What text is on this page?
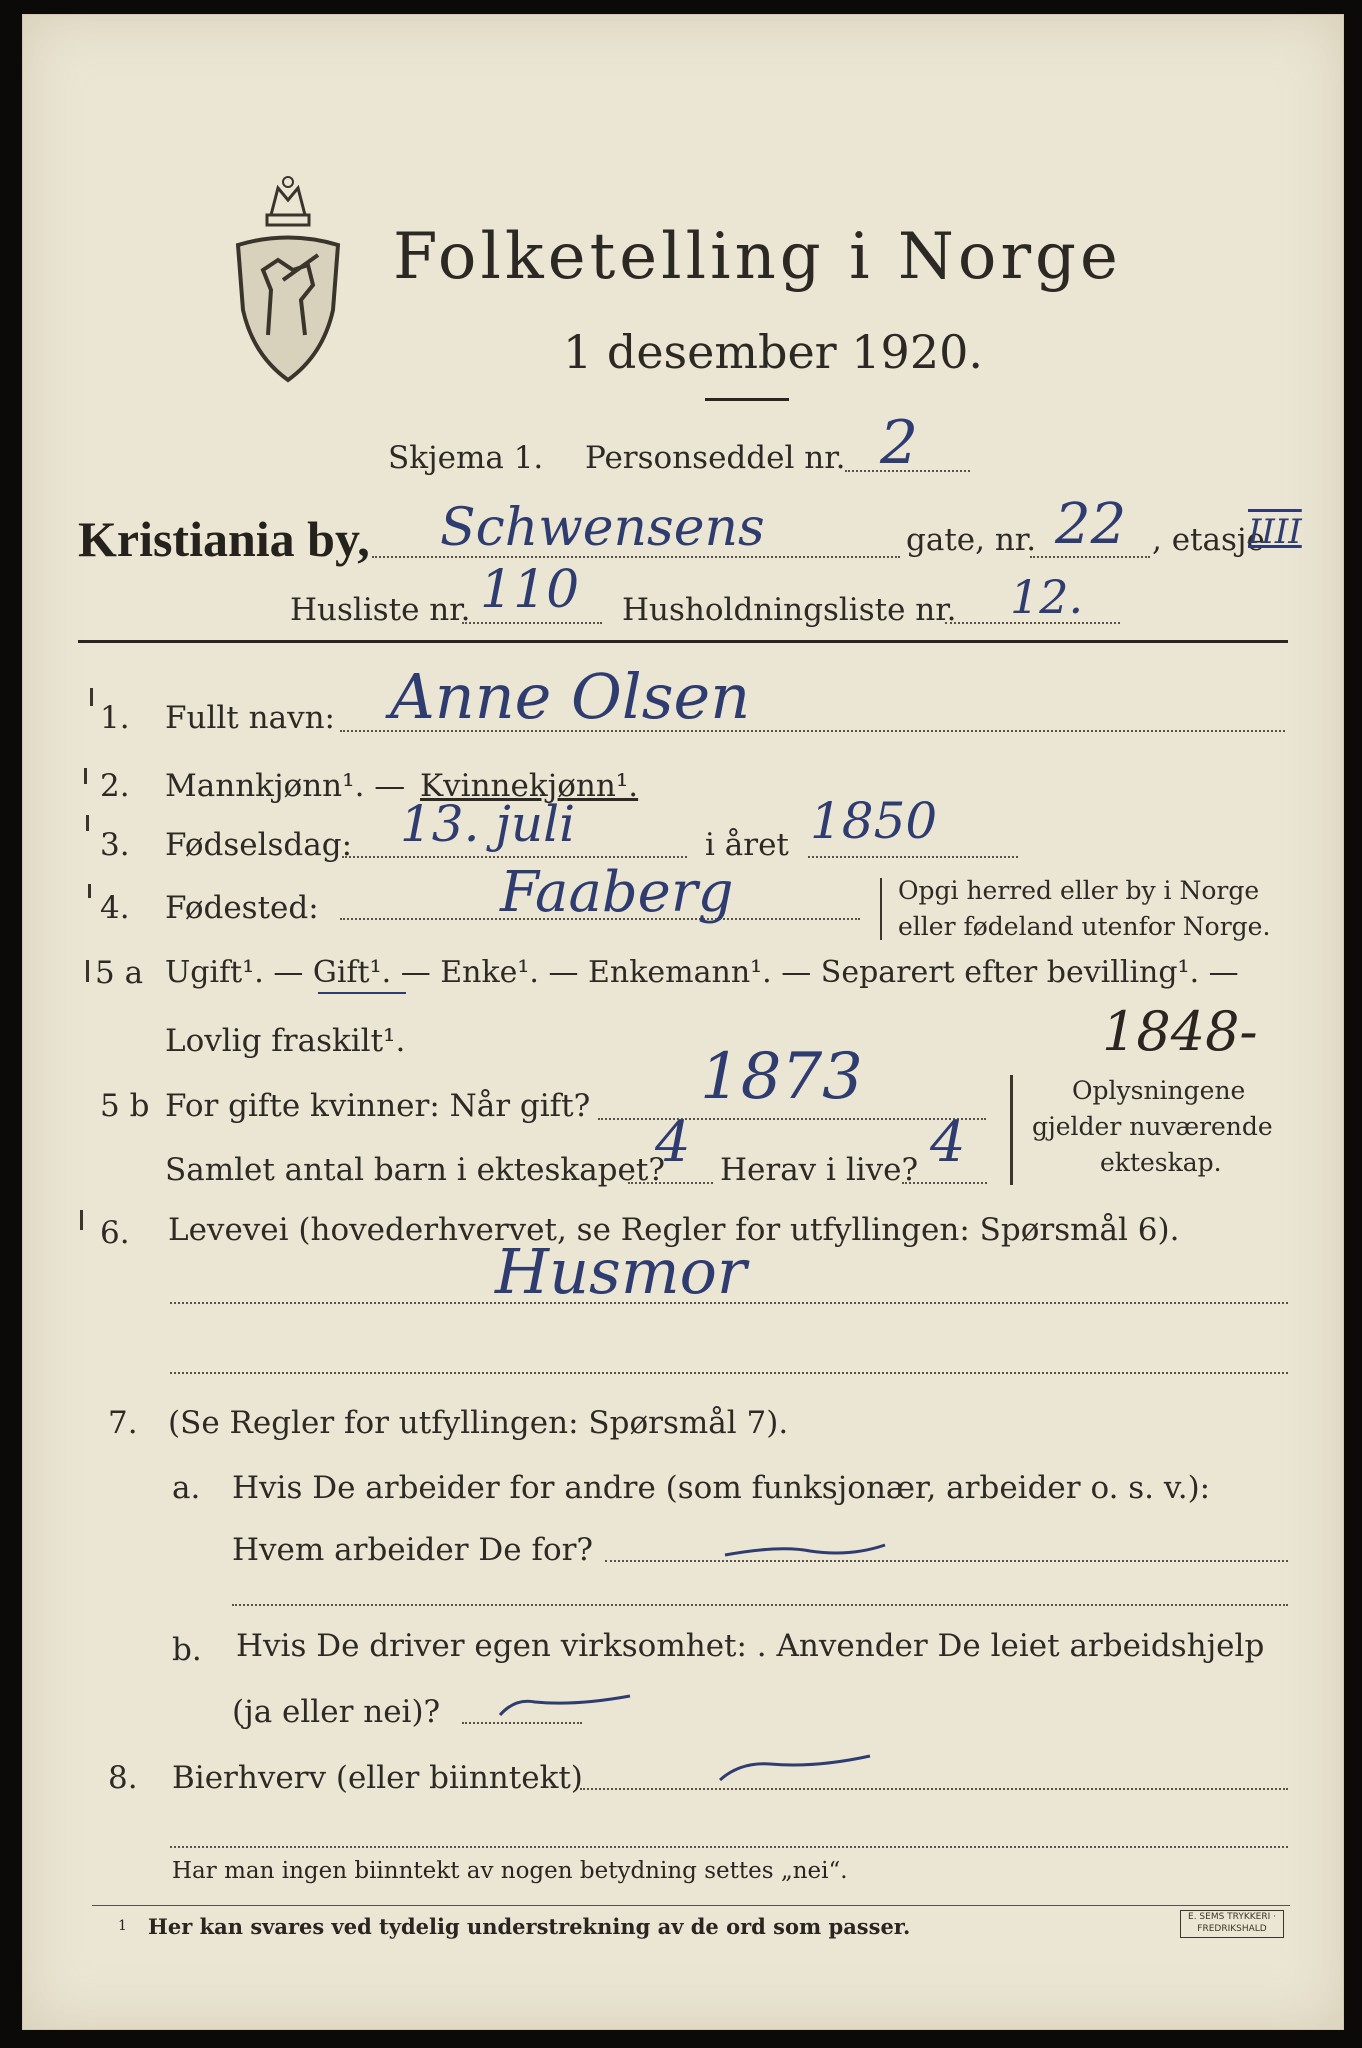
Folketelling i Norge
1 desember 1920.
Skjema 1. Personseddel nr. 2
Kristiania by, Schwensens	gate, nr. 22 , etasje
IIII
Husliste nr. 110 Husholdningsliste nr. 12.
1. Fullt navn: Anne Olsen
2. Mannkjønn¹. — Kvinnekjønn¹.
3. Fødselsdag: 13. juli	i året 1850
4. Fødested:	Faaberg	Opgi herred eller by i Norge
eller fødeland utenfor Norge.
5 a Ugift¹. — Gift¹. — Enke¹. — Enkemann¹. — Separert efter bevilling¹. —
Lovlig fraskilt¹.	1848-
5 b For gifte kvinner: Når gift? 1873
Samlet antal barn i ekteskapet?
4 Herav i live? 4
Oplysningene
gjelder nuværende
ekteskap.
6. Levevei (hovederhvervet, se Regler for utfyllingen: Spørsmål 6).
Husmor
7. (Se Regler for utfyllingen: Spørsmål 7).
a. Hvis De arbeider for andre (som funksjonær, arbeider o. s. v.):
Hvem arbeider De for?
b. Hvis De driver egen virksomhet: . Anvender De leiet arbeidshjelp
(ja eller nei)?
8. Bierhverv (eller biinntekt)
Har man ingen biinntekt av nogen betydning settes „nei“.
1 Her kan svares ved tydelig understrekning av de ord som passer.	E. SEMS TRYKKERI · FREDRIKSHALD
